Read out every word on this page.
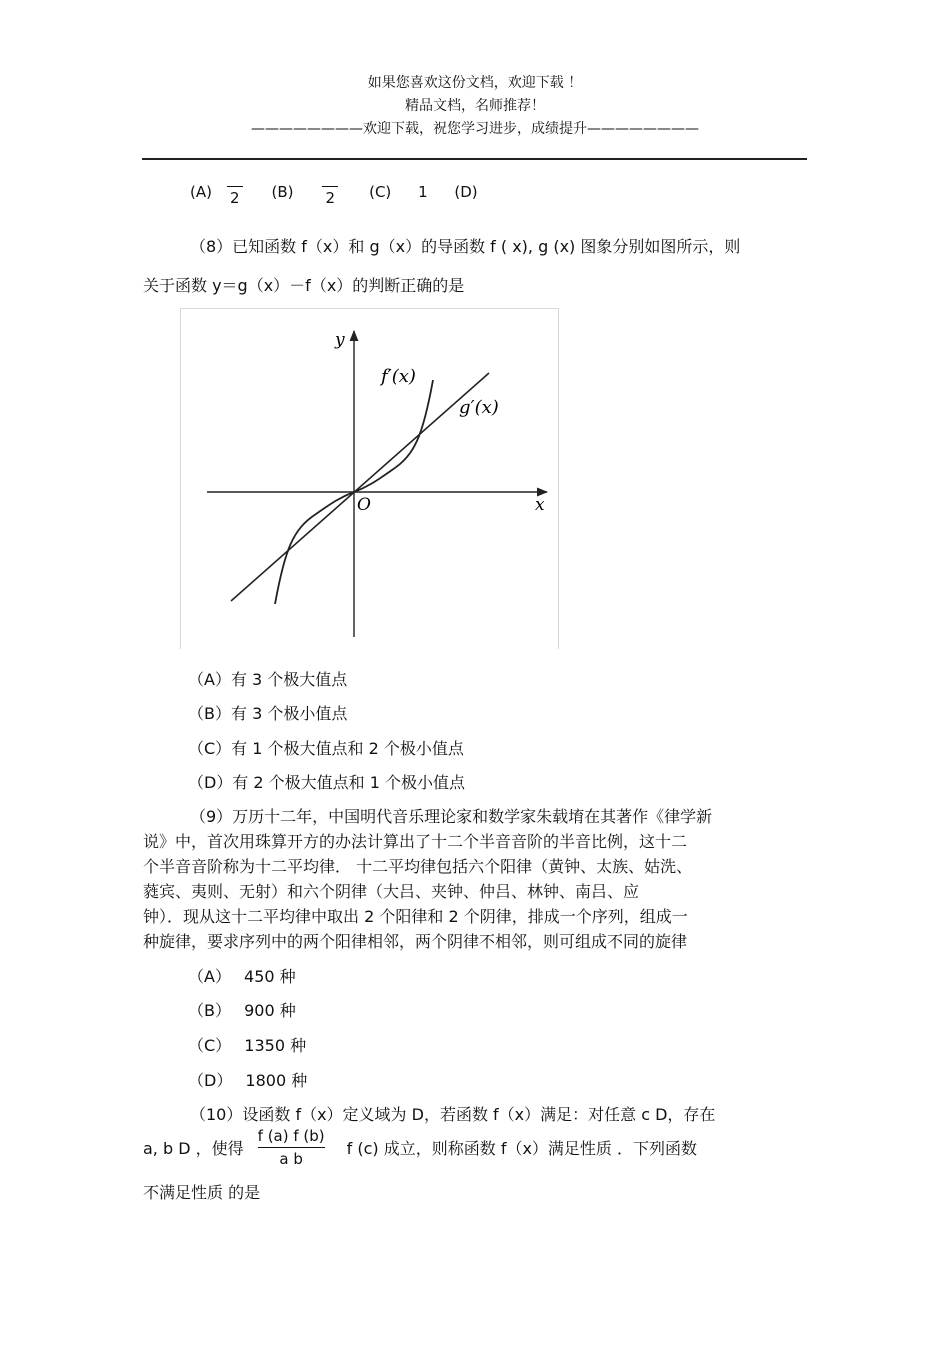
如果您喜欢这份文档，欢迎下载 ！
精品文档，名师推荐！
————————欢迎下载，祝您学习进步，成绩提升————————
(A) 2 (B) 2 (C) 1 (D)
（8）已知函数 f（x）和 g（x）的导函数 f ( x), g (x) 图象分别如图所示，则
关于函数 y＝g（x）－f（x）的判断正确的是
y
x
O
f′(x)
g′(x)
（A）有 3 个极大值点
（B）有 3 个极小值点
（C）有 1 个极大值点和 2 个极小值点
（D）有 2 个极大值点和 1 个极小值点
（9）万历十二年，中国明代音乐理论家和数学家朱载堉在其著作《律学新
说》中，首次用珠算开方的办法计算出了十二个半音音阶的半音比例，这十二
个半音音阶称为十二平均律． 十二平均律包括六个阳律（黄钟、太族、姑洗、
蕤宾、夷则、无射）和六个阴律（大吕、夹钟、仲吕、林钟、南吕、应
钟）．现从这十二平均律中取出 2 个阳律和 2 个阴律，排成一个序列，组成一
种旋律，要求序列中的两个阳律相邻，两个阴律不相邻，则可组成不同的旋律
（A） 450 种
（B） 900 种
（C） 1350 种
（D） 1800 种
（10）设函数 f（x）定义域为 D，若函数 f（x）满足：对任意 c D，存在
a, b D ，使得
f (a) f (b)
a b
f (c) 成立，则称函数 f（x）满足性质 ．下列函数
不满足性质 的是
